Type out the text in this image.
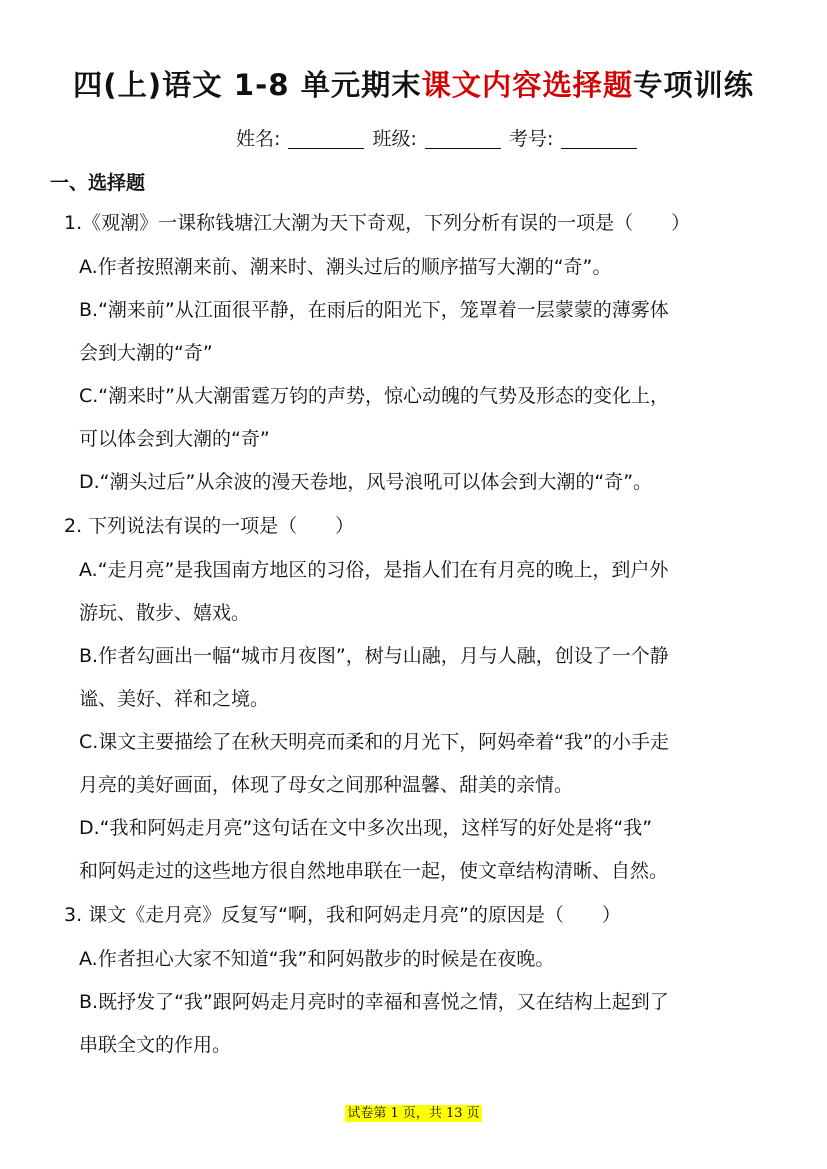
四(上)语文 1-8 单元期末课文内容选择题专项训练
姓名:	班级:	考号:
一、选择题
1.《观潮》一课称钱塘江大潮为天下奇观，下列分析有误的一项是（　　）
A.作者按照潮来前、潮来时、潮头过后的顺序描写大潮的“奇”。
B.“潮来前”从江面很平静，在雨后的阳光下，笼罩着一层蒙蒙的薄雾体
会到大潮的“奇”
C.“潮来时”从大潮雷霆万钧的声势，惊心动魄的气势及形态的变化上，
可以体会到大潮的“奇”
D.“潮头过后”从余波的漫天卷地，风号浪吼可以体会到大潮的“奇”。
2. 下列说法有误的一项是（　　）
A.“走月亮”是我国南方地区的习俗，是指人们在有月亮的晚上，到户外
游玩、散步、嬉戏。
B.作者勾画出一幅“城市月夜图”，树与山融，月与人融，创设了一个静
谧、美好、祥和之境。
C.课文主要描绘了在秋天明亮而柔和的月光下，阿妈牵着“我”的小手走
月亮的美好画面，体现了母女之间那种温馨、甜美的亲情。
D.“我和阿妈走月亮”这句话在文中多次出现，这样写的好处是将“我”
和阿妈走过的这些地方很自然地串联在一起，使文章结构清晰、自然。
3. 课文《走月亮》反复写“啊，我和阿妈走月亮”的原因是（　　）
A.作者担心大家不知道“我”和阿妈散步的时候是在夜晚。
B.既抒发了“我”跟阿妈走月亮时的幸福和喜悦之情，又在结构上起到了
串联全文的作用。
试卷第 1 页，共 13 页
